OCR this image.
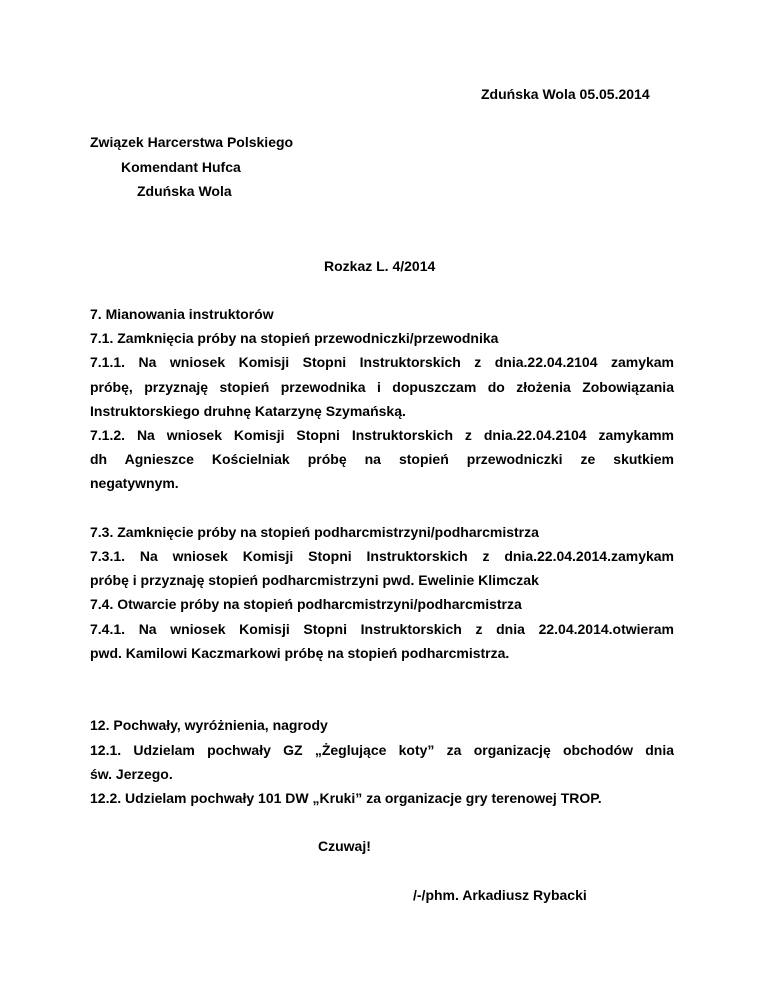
Zduńska Wola 05.05.2014
Związek Harcerstwa Polskiego
Komendant Hufca
Zduńska Wola
Rozkaz L. 4/2014
7. Mianowania instruktorów
7.1. Zamknięcia próby na stopień przewodniczki/przewodnika
7.1.1. Na wniosek Komisji Stopni Instruktorskich z dnia.22.04.2104 zamykam
próbę, przyznaję stopień przewodnika i dopuszczam do złożenia Zobowiązania
Instruktorskiego druhnę Katarzynę Szymańską.
7.1.2. Na wniosek Komisji Stopni Instruktorskich z dnia.22.04.2104 zamykamm
dh Agnieszce Kościelniak próbę na stopień przewodniczki ze skutkiem
negatywnym.
7.3. Zamknięcie próby na stopień podharcmistrzyni/podharcmistrza
7.3.1. Na wniosek Komisji Stopni Instruktorskich z dnia.22.04.2014.zamykam
próbę i przyznaję stopień podharcmistrzyni pwd. Ewelinie Klimczak
7.4. Otwarcie próby na stopień podharcmistrzyni/podharcmistrza
7.4.1. Na wniosek Komisji Stopni Instruktorskich z dnia 22.04.2014.otwieram
pwd. Kamilowi Kaczmarkowi próbę na stopień podharcmistrza.
12. Pochwały, wyróżnienia, nagrody
12.1. Udzielam pochwały GZ „Żeglujące koty” za organizację obchodów dnia
św. Jerzego.
12.2. Udzielam pochwały 101 DW „Kruki” za organizacje gry terenowej TROP.
Czuwaj!
/-/phm. Arkadiusz Rybacki
